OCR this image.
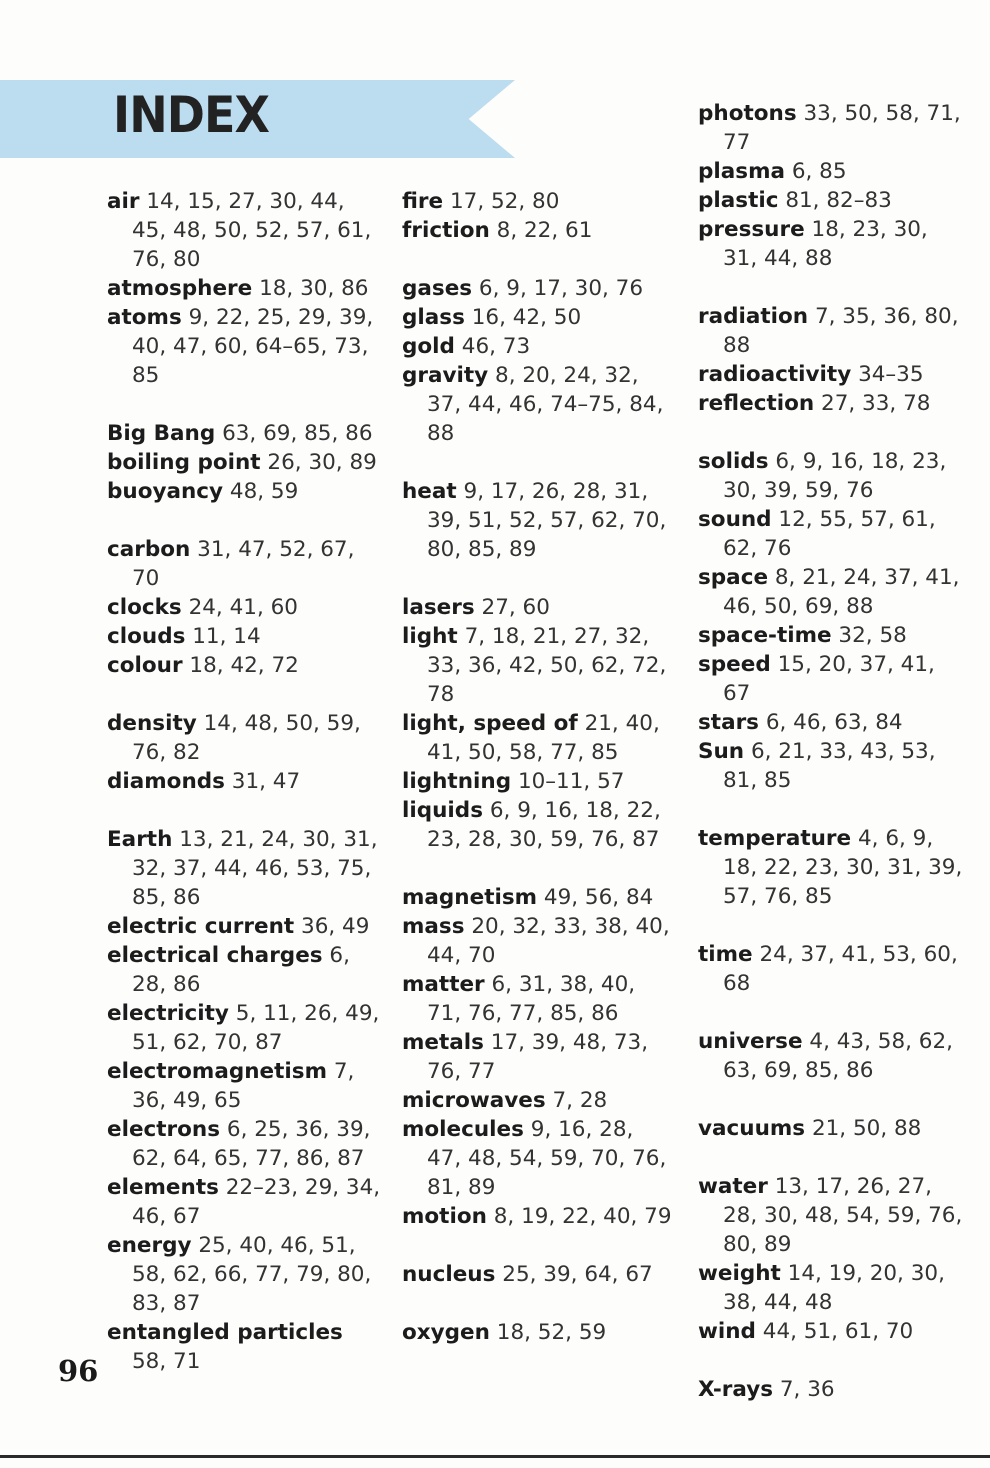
INDEX
air 14, 15, 27, 30, 44, 45, 48, 50, 52, 57, 61, 76, 80
atmosphere 18, 30, 86
atoms 9, 22, 25, 29, 39, 40, 47, 60, 64–65, 73, 85
Big Bang 63, 69, 85, 86
boiling point 26, 30, 89
buoyancy 48, 59
carbon 31, 47, 52, 67, 70
clocks 24, 41, 60
clouds 11, 14
colour 18, 42, 72
density 14, 48, 50, 59, 76, 82
diamonds 31, 47
Earth 13, 21, 24, 30, 31, 32, 37, 44, 46, 53, 75, 85, 86
electric current 36, 49
electrical charges 6, 28, 86
electricity 5, 11, 26, 49, 51, 62, 70, 87
electromagnetism 7, 36, 49, 65
electrons 6, 25, 36, 39, 62, 64, 65, 77, 86, 87
elements 22–23, 29, 34, 46, 67
energy 25, 40, 46, 51, 58, 62, 66, 77, 79, 80, 83, 87
entangled particles 58, 71
fire 17, 52, 80
friction 8, 22, 61
gases 6, 9, 17, 30, 76
glass 16, 42, 50
gold 46, 73
gravity 8, 20, 24, 32, 37, 44, 46, 74–75, 84, 88
heat 9, 17, 26, 28, 31, 39, 51, 52, 57, 62, 70, 80, 85, 89
lasers 27, 60
light 7, 18, 21, 27, 32, 33, 36, 42, 50, 62, 72, 78
light, speed of 21, 40, 41, 50, 58, 77, 85
lightning 10–11, 57
liquids 6, 9, 16, 18, 22, 23, 28, 30, 59, 76, 87
magnetism 49, 56, 84
mass 20, 32, 33, 38, 40, 44, 70
matter 6, 31, 38, 40, 71, 76, 77, 85, 86
metals 17, 39, 48, 73, 76, 77
microwaves 7, 28
molecules 9, 16, 28, 47, 48, 54, 59, 70, 76, 81, 89
motion 8, 19, 22, 40, 79
nucleus 25, 39, 64, 67
oxygen 18, 52, 59
photons 33, 50, 58, 71, 77
plasma 6, 85
plastic 81, 82–83
pressure 18, 23, 30, 31, 44, 88
radiation 7, 35, 36, 80, 88
radioactivity 34–35
reflection 27, 33, 78
solids 6, 9, 16, 18, 23, 30, 39, 59, 76
sound 12, 55, 57, 61, 62, 76
space 8, 21, 24, 37, 41, 46, 50, 69, 88
space-time 32, 58
speed 15, 20, 37, 41, 67
stars 6, 46, 63, 84
Sun 6, 21, 33, 43, 53, 81, 85
temperature 4, 6, 9, 18, 22, 23, 30, 31, 39, 57, 76, 85
time 24, 37, 41, 53, 60, 68
universe 4, 43, 58, 62, 63, 69, 85, 86
vacuums 21, 50, 88
water 13, 17, 26, 27, 28, 30, 48, 54, 59, 76, 80, 89
weight 14, 19, 20, 30, 38, 44, 48
wind 44, 51, 61, 70
X-rays 7, 36
96
